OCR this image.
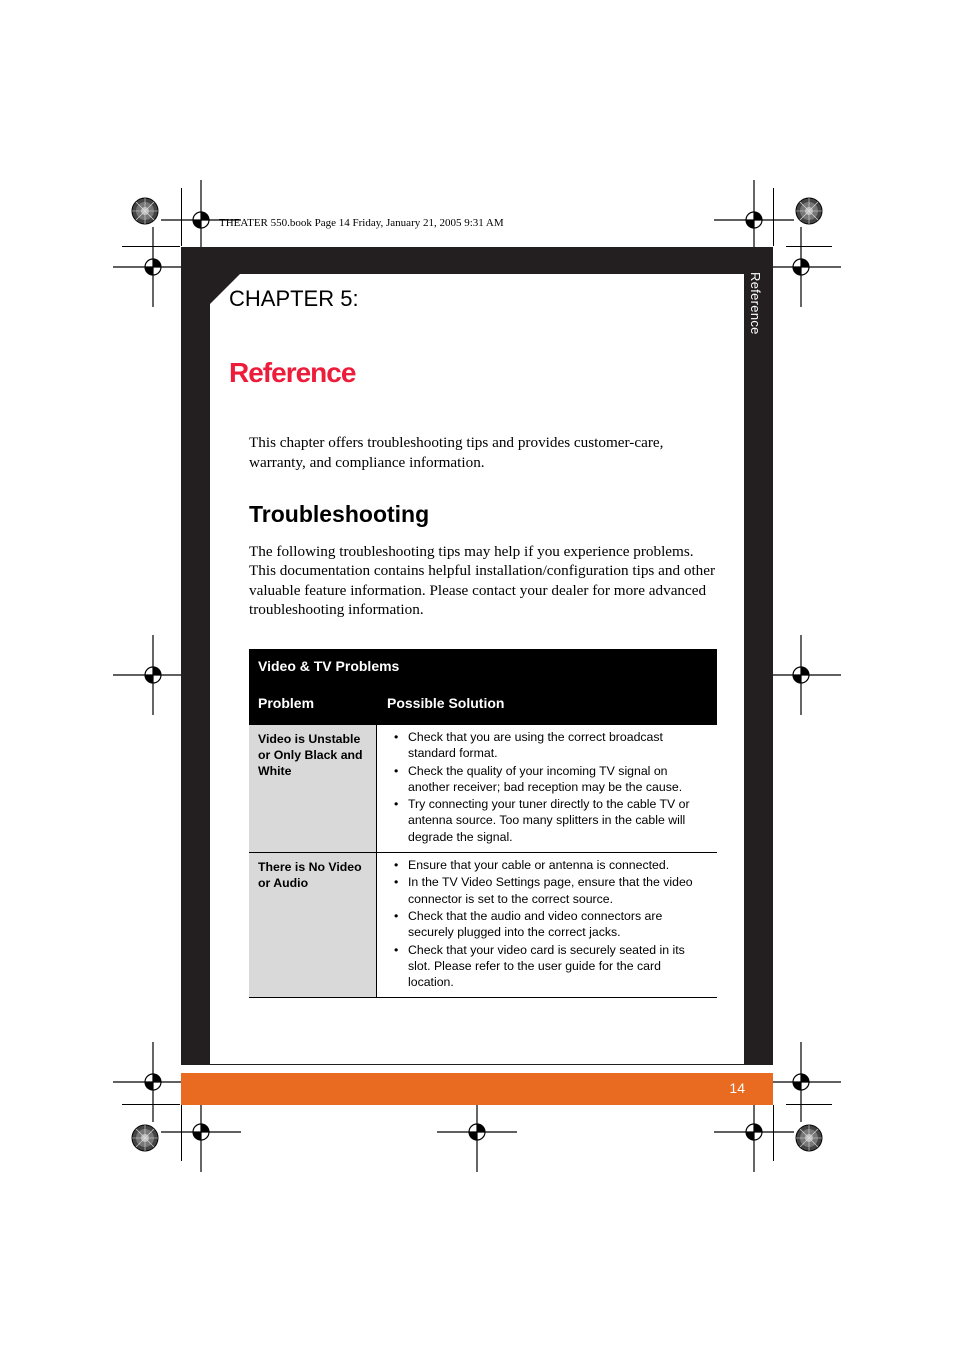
THEATER 550.book Page 14 Friday, January 21, 2005 9:31 AM
Reference
CHAPTER 5:
Reference

This chapter offers troubleshooting tips and provides customer-care, warranty, and compliance information.

Troubleshooting

The following troubleshooting tips may help if you experience problems. This documentation contains helpful installation/configuration tips and other valuable feature information. Please contact your dealer for more advanced troubleshooting information.

Video & TV Problems
Problem	Possible Solution
Video is Unstable or Only Black and White
• Check that you are using the correct broadcast standard format.
• Check the quality of your incoming TV signal on another receiver; bad reception may be the cause.
• Try connecting your tuner directly to the cable TV or antenna source. Too many splitters in the cable will degrade the signal.
There is No Video or Audio
• Ensure that your cable or antenna is connected.
• In the TV Video Settings page, ensure that the video connector is set to the correct source.
• Check that the audio and video connectors are securely plugged into the correct jacks.
• Check that your video card is securely seated in its slot. Please refer to the user guide for the card location.
14
